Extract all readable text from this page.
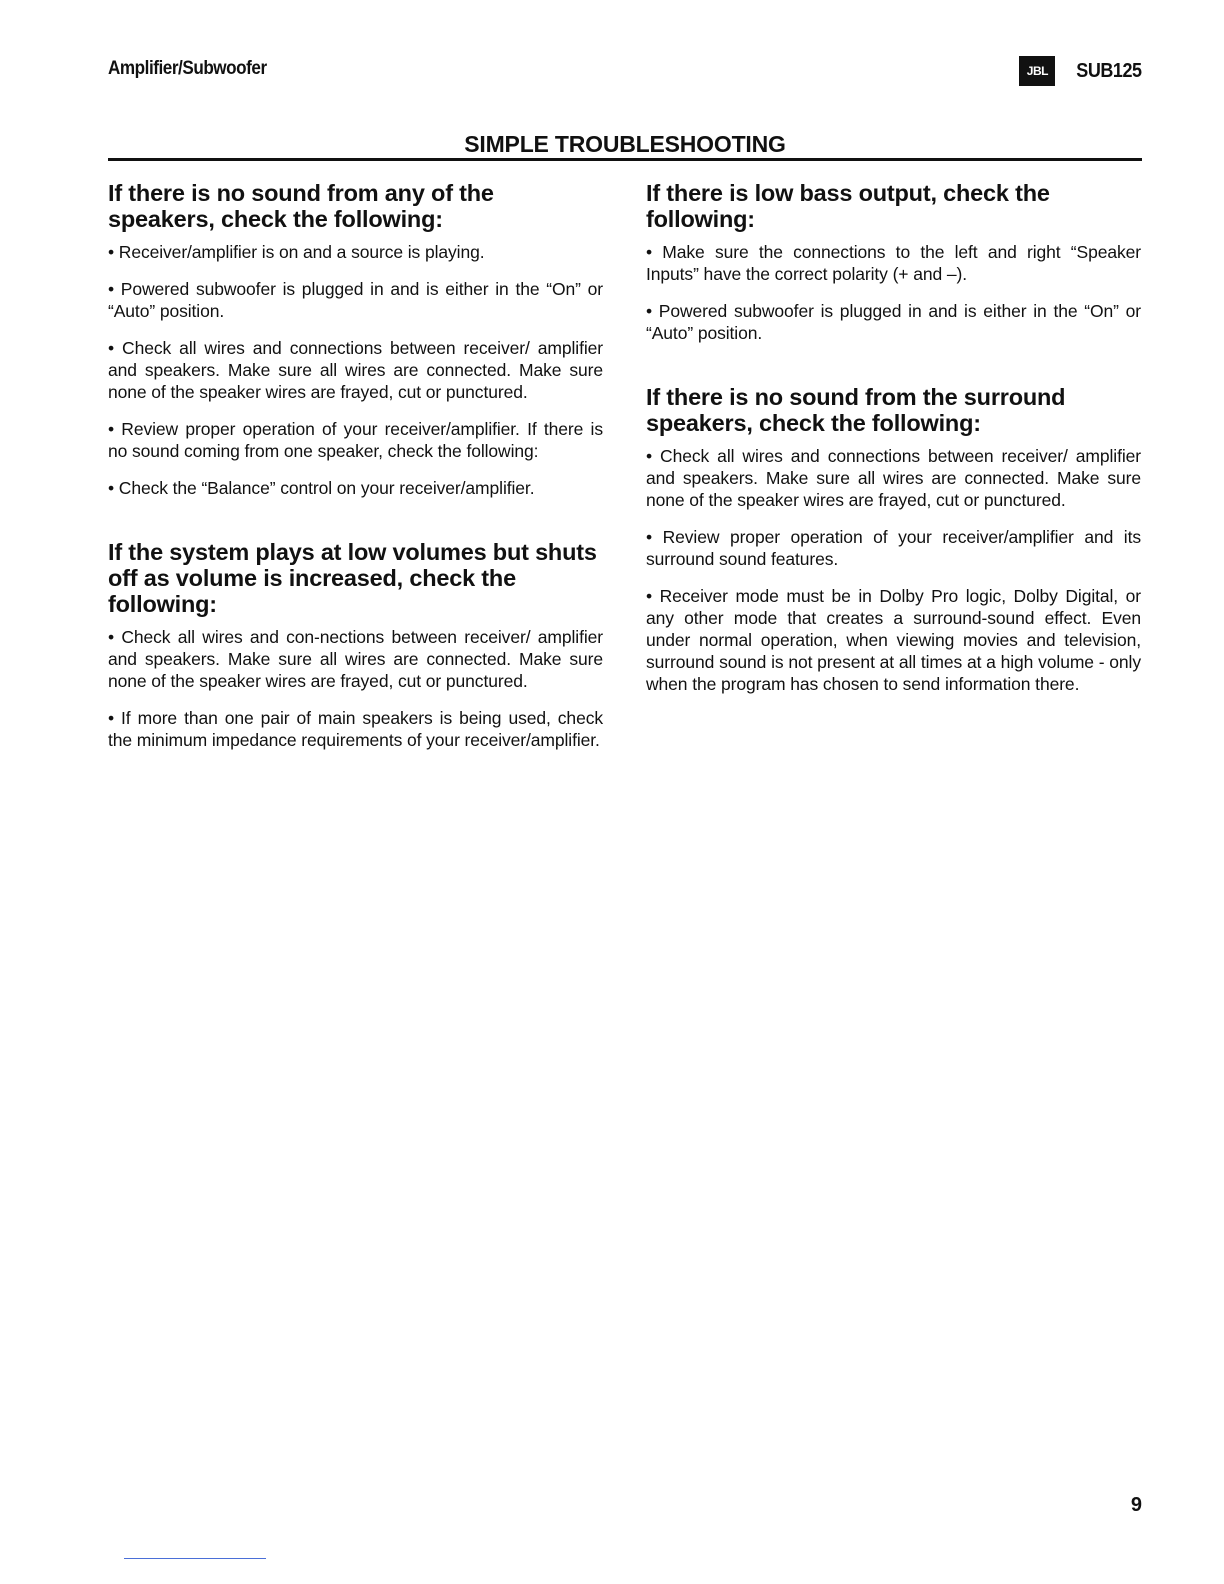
Amplifier/Subwoofer	JBL	SUB125
SIMPLE TROUBLESHOOTING

If there is no sound from any of the speakers, check the following:

• Receiver/amplifier is on and a source is playing.

• Powered subwoofer is plugged in and is either in the “On” or “Auto” position.

• Check all wires and connections between receiver/ amplifier and speakers. Make sure all wires are connected. Make sure none of the speaker wires are frayed, cut or punctured.

• Review proper operation of your receiver/amplifier. If there is no sound coming from one speaker, check the following:

• Check the “Balance” control on your receiver/amplifier.

If the system plays at low volumes but shuts off as volume is increased, check the following:

• Check all wires and con-nections between receiver/ amplifier and speakers. Make sure all wires are connected. Make sure none of the speaker wires are frayed, cut or punctured.

• If more than one pair of main speakers is being used, check the minimum impedance requirements of your receiver/amplifier.

If there is low bass output, check the following:

• Make sure the connections to the left and right “Speaker Inputs” have the correct polarity (+ and –).

• Powered subwoofer is plugged in and is either in the “On” or “Auto” position.

If there is no sound from the surround speakers, check the following:

• Check all wires and connections between receiver/ amplifier and speakers. Make sure all wires are connected. Make sure none of the speaker wires are frayed, cut or punctured.

• Review proper operation of your receiver/amplifier and its surround sound features.

• Receiver mode must be in Dolby Pro logic, Dolby Digital, or any other mode that creates a surround-sound effect. Even under normal operation, when viewing movies and television, surround sound is not present at all times at a high volume - only when the program has chosen to send information there.

9
